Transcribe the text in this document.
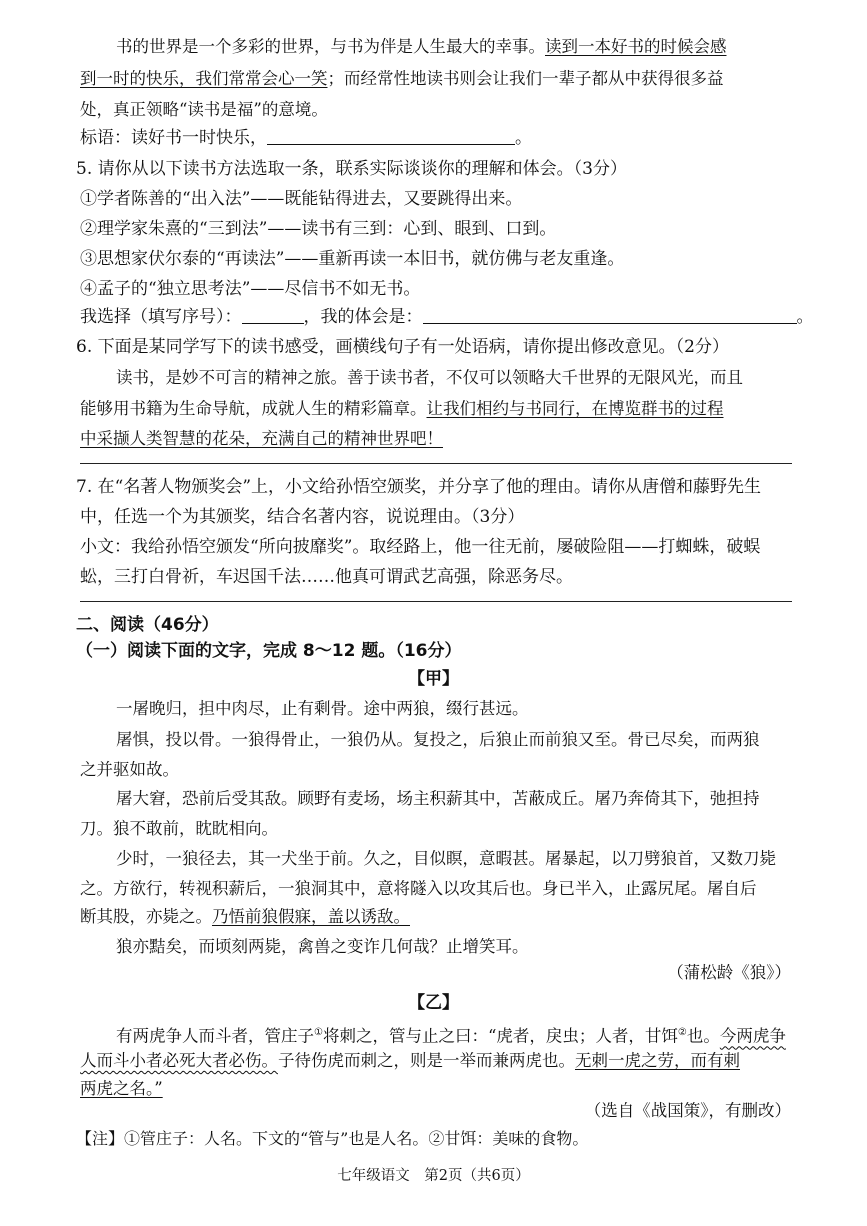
书的世界是一个多彩的世界，与书为伴是人生最大的幸事。读到一本好书的时候会感
到一时的快乐，我们常常会心一笑；而经常性地读书则会让我们一辈子都从中获得很多益
处，真正领略“读书是福”的意境。
标语：读好书一时快乐，	。
5. 请你从以下读书方法选取一条，联系实际谈谈你的理解和体会。（3分）
①学者陈善的“出入法”——既能钻得进去，又要跳得出来。
②理学家朱熹的“三到法”——读书有三到：心到、眼到、口到。
③思想家伏尔泰的“再读法”——重新再读一本旧书，就仿佛与老友重逢。
④孟子的“独立思考法”——尽信书不如无书。
我选择（填写序号）：	，我的体会是：	。
6. 下面是某同学写下的读书感受，画横线句子有一处语病，请你提出修改意见。（2分）
读书，是妙不可言的精神之旅。善于读书者，不仅可以领略大千世界的无限风光，而且
能够用书籍为生命导航，成就人生的精彩篇章。让我们相约与书同行，在博览群书的过程
中采撷人类智慧的花朵，充满自己的精神世界吧！
7. 在“名著人物颁奖会”上，小文给孙悟空颁奖，并分享了他的理由。请你从唐僧和藤野先生
中，任选一个为其颁奖，结合名著内容，说说理由。（3分）
小文：我给孙悟空颁发“所向披靡奖”。取经路上，他一往无前，屡破险阻——打蜘蛛，破蜈
蚣，三打白骨祈，车迟国千法……他真可谓武艺高强，除恶务尽。
二、阅读（46分）
（一）阅读下面的文字，完成 8～12 题。（16分）
【甲】
一屠晚归，担中肉尽，止有剩骨。途中两狼，缀行甚远。
屠惧，投以骨。一狼得骨止，一狼仍从。复投之，后狼止而前狼又至。骨已尽矣，而两狼
之并驱如故。
屠大窘，恐前后受其敌。顾野有麦场，场主积薪其中，苫蔽成丘。屠乃奔倚其下，弛担持
刀。狼不敢前，眈眈相向。
少时，一狼径去，其一犬坐于前。久之，目似瞑，意暇甚。屠暴起，以刀劈狼首，又数刀毙
之。方欲行，转视积薪后，一狼洞其中，意将隧入以攻其后也。身已半入，止露尻尾。屠自后
断其股，亦毙之。乃悟前狼假寐，盖以诱敌。
狼亦黠矣，而顷刻两毙，禽兽之变诈几何哉？止增笑耳。
（蒲松龄《狼》）
【乙】
有两虎争人而斗者，管庄子①将刺之，管与止之曰：“虎者，戾虫；人者，甘饵②也。今两虎争
人而斗小者必死大者必伤。子待伤虎而刺之，则是一举而兼两虎也。无刺一虎之劳，而有刺
两虎之名。”
（选自《战国策》，有删改）
【注】①管庄子：人名。下文的“管与”也是人名。②甘饵：美味的食物。
七年级语文　第2页（共6页）
